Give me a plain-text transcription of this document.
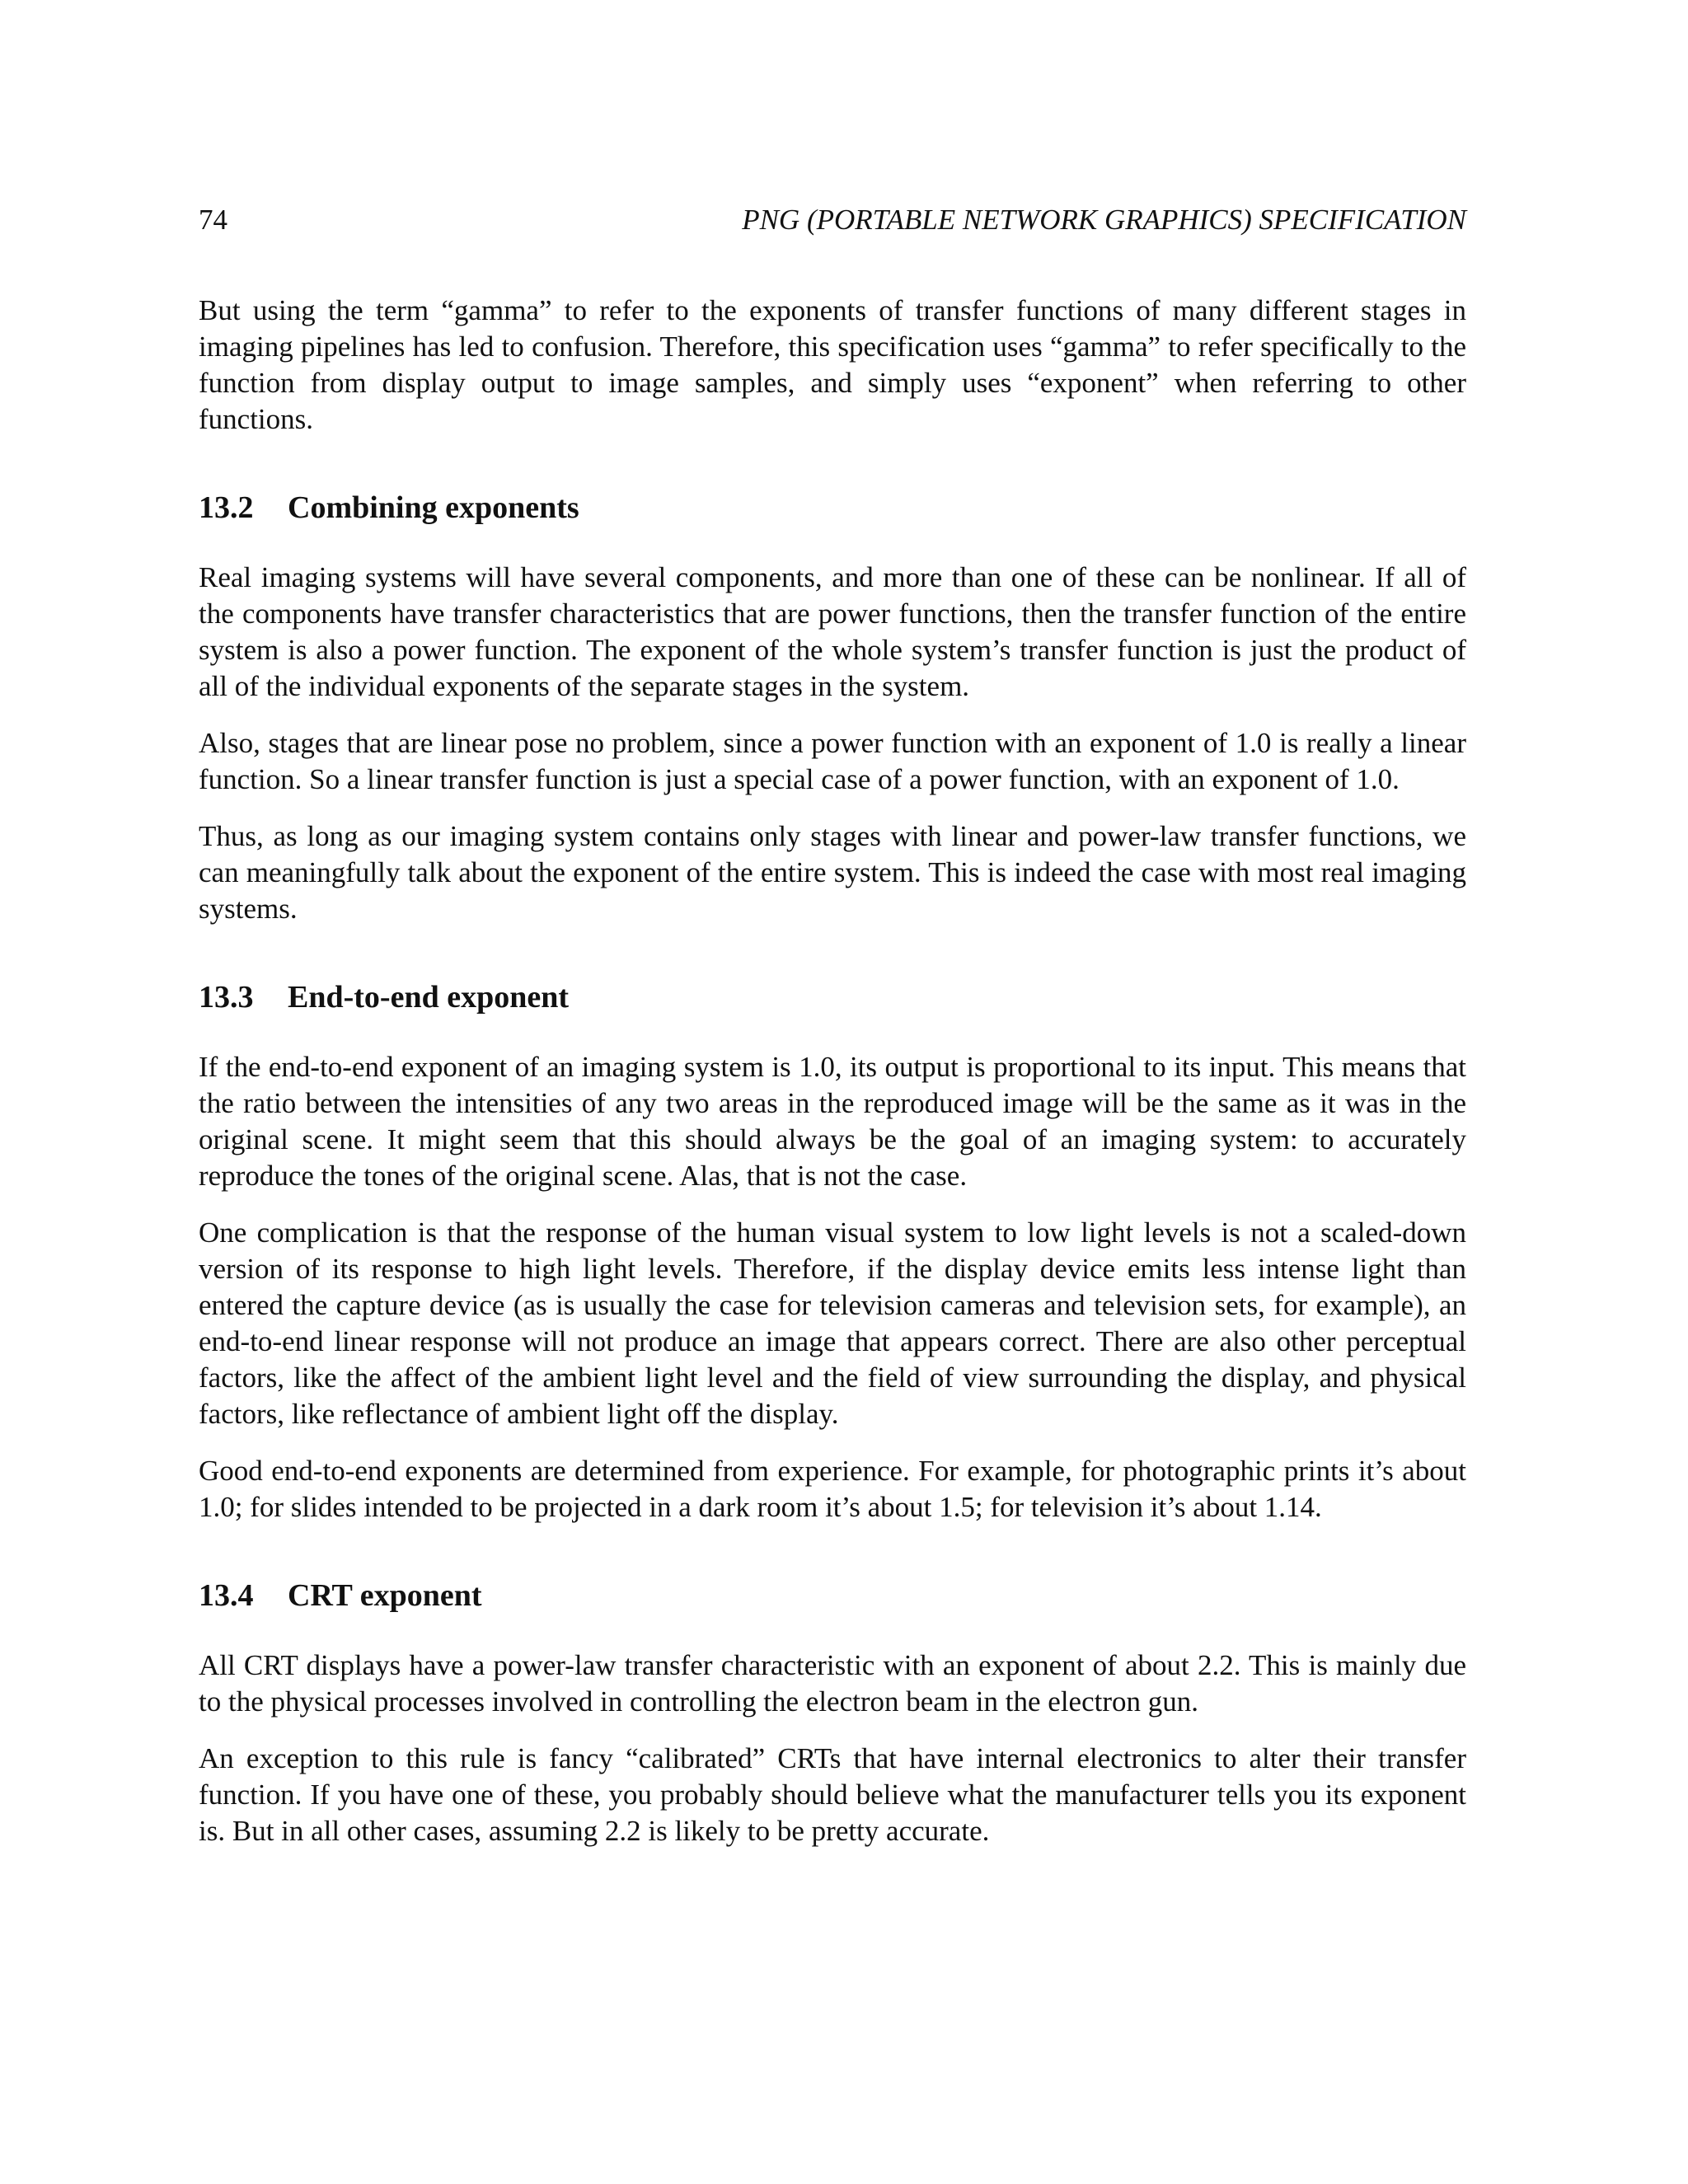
74	PNG (PORTABLE NETWORK GRAPHICS) SPECIFICATION

But using the term “gamma” to refer to the exponents of transfer functions of many different stages in imaging pipelines has led to confusion. Therefore, this specification uses “gamma” to refer specifically to the function from display output to image samples, and simply uses “exponent” when referring to other functions.

13.2 Combining exponents

Real imaging systems will have several components, and more than one of these can be nonlinear. If all of the components have transfer characteristics that are power functions, then the transfer function of the entire system is also a power function. The exponent of the whole system’s transfer function is just the product of all of the individual exponents of the separate stages in the system.

Also, stages that are linear pose no problem, since a power function with an exponent of 1.0 is really a linear function. So a linear transfer function is just a special case of a power function, with an exponent of 1.0.

Thus, as long as our imaging system contains only stages with linear and power-law transfer functions, we can meaningfully talk about the exponent of the entire system. This is indeed the case with most real imaging systems.

13.3 End-to-end exponent

If the end-to-end exponent of an imaging system is 1.0, its output is proportional to its input. This means that the ratio between the intensities of any two areas in the reproduced image will be the same as it was in the original scene. It might seem that this should always be the goal of an imaging system: to accurately reproduce the tones of the original scene. Alas, that is not the case.

One complication is that the response of the human visual system to low light levels is not a scaled-down version of its response to high light levels. Therefore, if the display device emits less intense light than entered the capture device (as is usually the case for television cameras and television sets, for example), an end-to-end linear response will not produce an image that appears correct. There are also other perceptual factors, like the affect of the ambient light level and the field of view surrounding the display, and physical factors, like reflectance of ambient light off the display.

Good end-to-end exponents are determined from experience. For example, for photographic prints it’s about 1.0; for slides intended to be projected in a dark room it’s about 1.5; for television it’s about 1.14.

13.4 CRT exponent

All CRT displays have a power-law transfer characteristic with an exponent of about 2.2. This is mainly due to the physical processes involved in controlling the electron beam in the electron gun.

An exception to this rule is fancy “calibrated” CRTs that have internal electronics to alter their transfer function. If you have one of these, you probably should believe what the manufacturer tells you its exponent is. But in all other cases, assuming 2.2 is likely to be pretty accurate.
